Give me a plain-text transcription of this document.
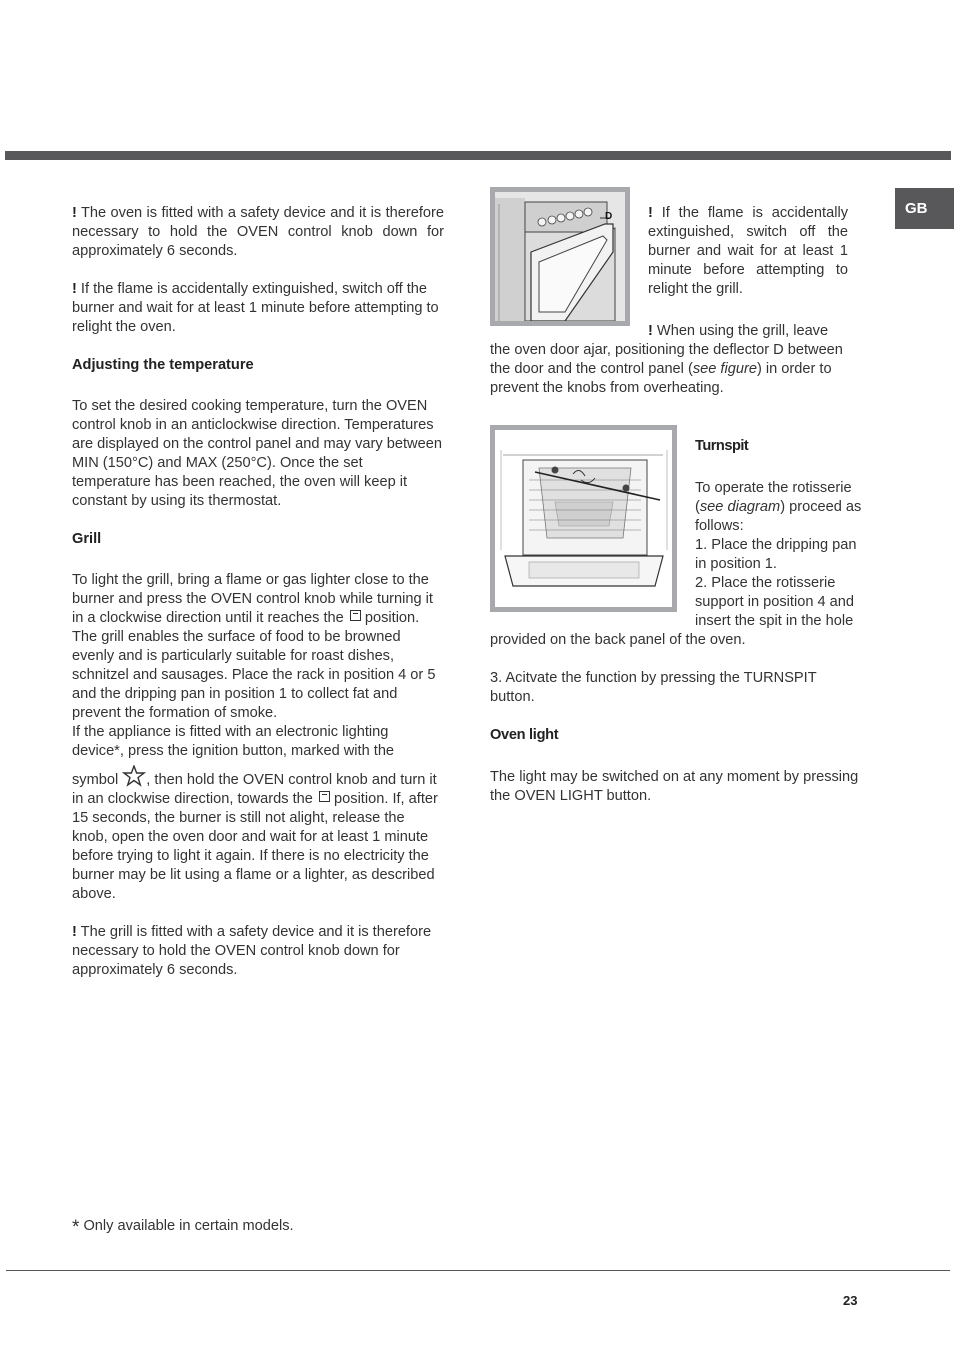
GB

! The oven is fitted with a safety device and it is therefore necessary to hold the OVEN control knob down for approximately 6 seconds.

! If the flame is accidentally extinguished, switch off the burner and wait for at least 1 minute before attempting to relight the oven.

Adjusting the temperature

To set the desired cooking temperature, turn the OVEN control knob in an anticlockwise direction. Temperatures are displayed on the control panel and may vary between MIN (150°C) and MAX (250°C). Once the set temperature has been reached, the oven will keep it constant by using its thermostat.

Grill

To light the grill, bring a flame or gas lighter close to the burner and press the OVEN control knob while turning it in a clockwise direction until it reaches the  position. The grill enables the surface of food to be browned evenly and is particularly suitable for roast dishes, schnitzel and sausages. Place the rack in position 4 or 5 and the dripping pan in position 1 to collect fat and prevent the formation of smoke.
If the appliance is fitted with an electronic lighting device*, press the ignition button, marked with the

symbol , then hold the OVEN control knob and turn it in an clockwise direction, towards the  position. If, after 15 seconds, the burner is still not alight, release the knob, open the oven door and wait for at least 1 minute before trying to light it again. If there is no electricity the burner may be lit using a flame or a lighter, as described above.

! The grill is fitted with a safety device and it is therefore necessary to hold the OVEN control knob down for approximately 6 seconds.

D ! If the flame is accidentally extinguished, switch off the burner and wait for at least 1 minute before attempting to relight the grill.

! When using the grill, leave the oven door ajar, positioning the deflector D between the door and the control panel (see figure) in order to prevent the knobs from overheating.

Turnspit

To operate the rotisserie (see diagram) proceed as follows:

1. Place the dripping pan in position 1.

2. Place the rotisserie support in position 4 and insert the spit in the hole

provided on the back panel of the oven.

3. Acitvate the function by pressing the TURNSPIT button.

Oven light

The light may be switched on at any moment by pressing the OVEN LIGHT button.

* Only available in certain models.
23
